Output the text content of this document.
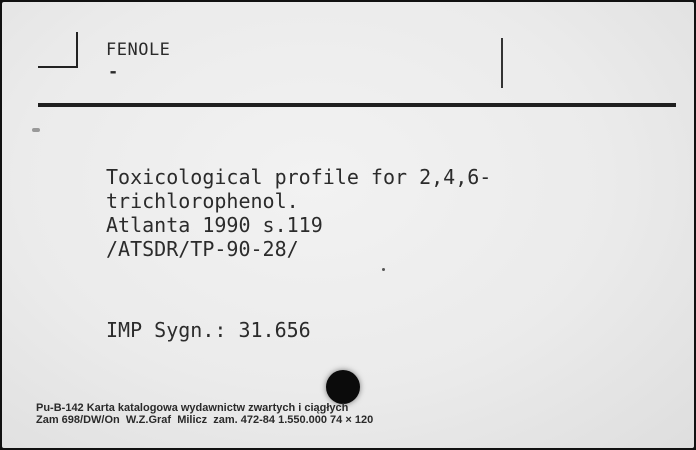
FENOLE
-
Toxicological profile for 2,4,6-
trichlorophenol.
Atlanta 1990 s.119
/ATSDR/TP-90-28/
IMP Sygn.: 31.656
Pu-B-142 Karta katalogowa wydawnictw zwartych i ciągłych
Zam 698/DW/On  W.Z.Graf  Milicz  zam. 472-84 1.550.000 74 × 120
